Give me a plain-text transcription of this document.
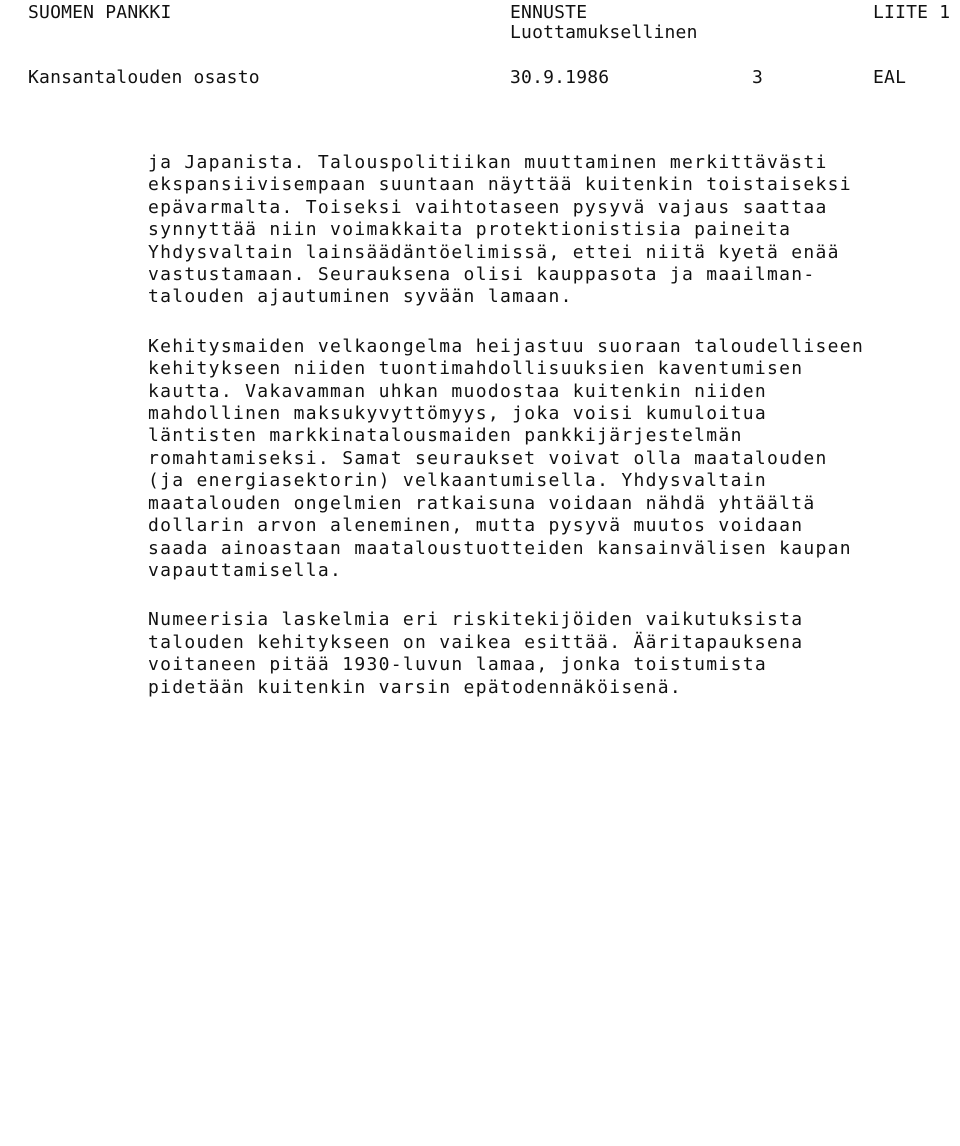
SUOMEN PANKKI	ENNUSTE
Luottamuksellinen
LIITE 1
Kansantalouden osasto	30.9.1986	3	EAL
ja Japanista. Talouspolitiikan muuttaminen merkittävästi
ekspansiivisempaan suuntaan näyttää kuitenkin toistaiseksi
epävarmalta. Toiseksi vaihtotaseen pysyvä vajaus saattaa
synnyttää niin voimakkaita protektionistisia paineita
Yhdysvaltain lainsäädäntöelimissä, ettei niitä kyetä enää
vastustamaan. Seurauksena olisi kauppasota ja maailman-
talouden ajautuminen syvään lamaan.
Kehitysmaiden velkaongelma heijastuu suoraan taloudelliseen
kehitykseen niiden tuontimahdollisuuksien kaventumisen
kautta. Vakavamman uhkan muodostaa kuitenkin niiden
mahdollinen maksukyvyttömyys, joka voisi kumuloitua
läntisten markkinatalousmaiden pankkijärjestelmän
romahtamiseksi. Samat seuraukset voivat olla maatalouden
(ja energiasektorin) velkaantumisella. Yhdysvaltain
maatalouden ongelmien ratkaisuna voidaan nähdä yhtäältä
dollarin arvon aleneminen, mutta pysyvä muutos voidaan
saada ainoastaan maataloustuotteiden kansainvälisen kaupan
vapauttamisella.
Numeerisia laskelmia eri riskitekijöiden vaikutuksista
talouden kehitykseen on vaikea esittää. Ääritapauksena
voitaneen pitää 1930-luvun lamaa, jonka toistumista
pidetään kuitenkin varsin epätodennäköisenä.
